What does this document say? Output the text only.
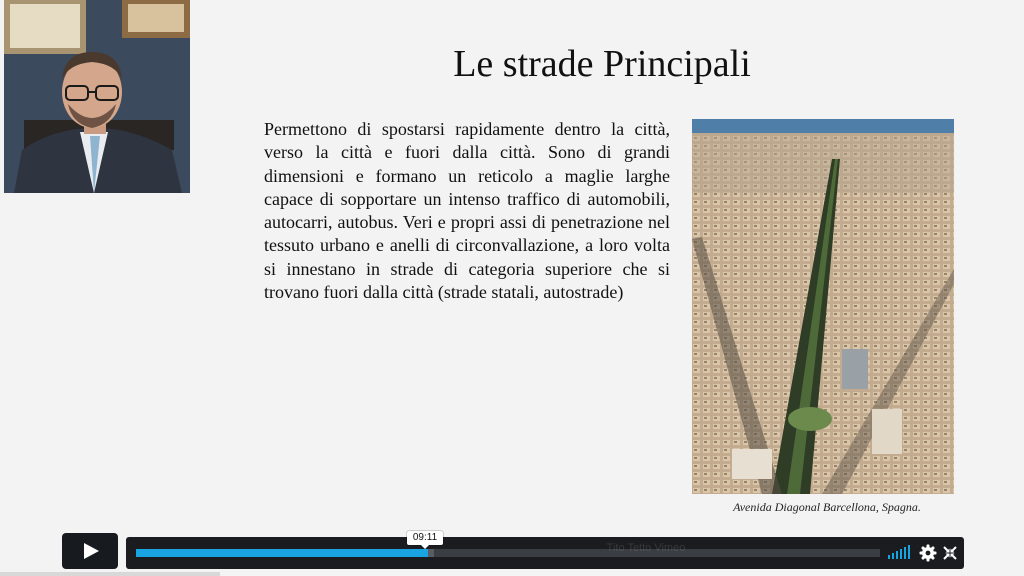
Le strade Principali

Permettono di spostarsi rapidamente dentro la città, verso la città e fuori dalla città. Sono di grandi dimensioni e formano un reticolo a maglie larghe capace di sopportare un intenso traffico di automobili, autocarri, autobus. Veri e propri assi di penetrazione nel tessuto urbano e anelli di circonvallazione, a loro volta si innestano in strade di categoria superiore che si trovano fuori dalla città (strade statali, autostrade)

Avenida Diagonal Barcellona, Spagna.
Tito Tetto Vimeo
09:11
